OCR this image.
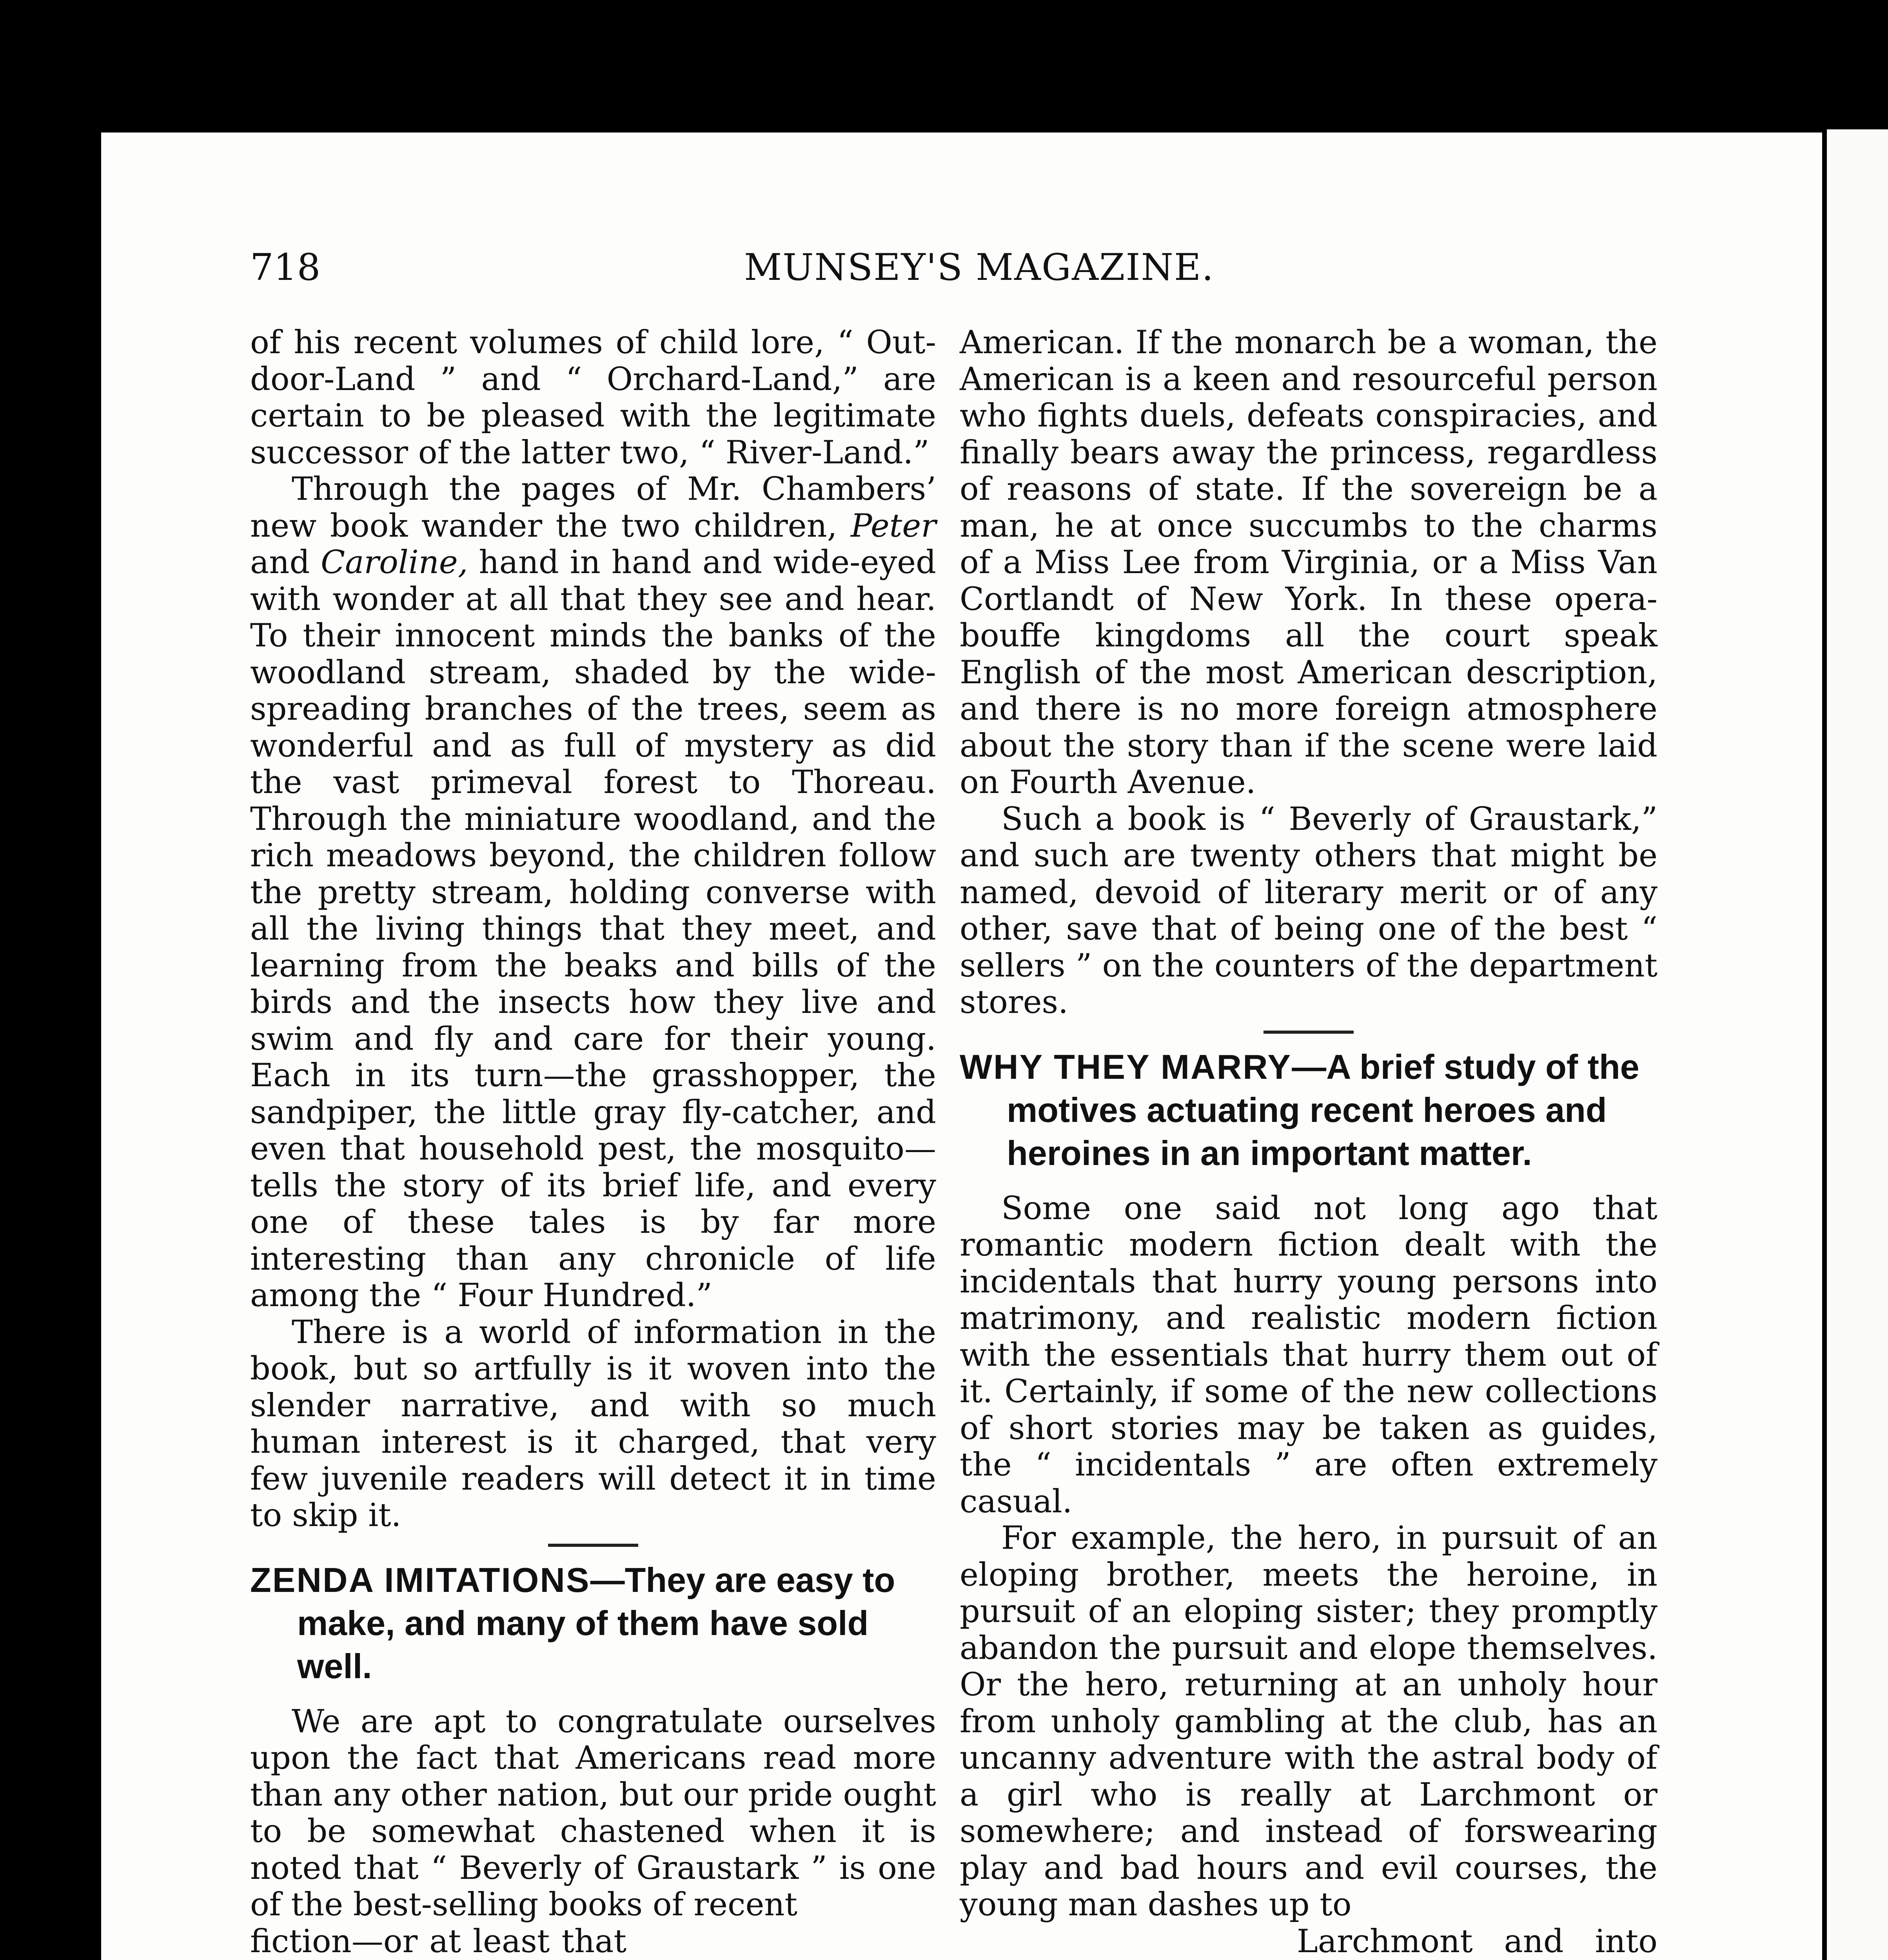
718	MUNSEY'S MAGAZINE.

of his recent volumes of child lore, “ Out-door-Land ” and “ Orchard-Land,” are certain to be pleased with the legitimate successor of the latter two, “ River-Land.”

Through the pages of Mr. Chambers’ new book wander the two children, Peter and Caroline, hand in hand and wide-eyed with wonder at all that they see and hear. To their innocent minds the banks of the woodland stream, shaded by the wide-spreading branches of the trees, seem as wonderful and as full of mystery as did the vast primeval forest to Thoreau. Through the miniature woodland, and the rich meadows beyond, the children follow the pretty stream, holding converse with all the living things that they meet, and learning from the beaks and bills of the birds and the insects how they live and swim and fly and care for their young. Each in its turn—the grasshopper, the sandpiper, the little gray fly-catcher, and even that household pest, the mosquito—tells the story of its brief life, and every one of these tales is by far more interesting than any chronicle of life among the “ Four Hundred.”

There is a world of information in the book, but so artfully is it woven into the slender narrative, and with so much human interest is it charged, that very few juvenile readers will detect it in time to skip it.

ZENDA IMITATIONS—They are easy to make, and many of them have sold well.

We are apt to congratulate ourselves upon the fact that Americans read more than any other nation, but our pride ought to be somewhat chastened when it is noted that “ Beverly of Graustark ” is one of the best-selling books of recent

fiction—or at least that

American. If the monarch be a woman, the American is a keen and resourceful person who fights duels, defeats conspiracies, and finally bears away the princess, regardless of reasons of state. If the sovereign be a man, he at once succumbs to the charms of a Miss Lee from Virginia, or a Miss Van Cortlandt of New York. In these opera-bouffe kingdoms all the court speak English of the most American description, and there is no more foreign atmosphere about the story than if the scene were laid on Fourth Avenue.

Such a book is “ Beverly of Graustark,” and such are twenty others that might be named, devoid of literary merit or of any other, save that of being one of the best “ sellers ” on the counters of the department stores.

WHY THEY MARRY—A brief study of the motives actuating recent heroes and heroines in an important matter.

Some one said not long ago that romantic modern fiction dealt with the incidentals that hurry young persons into matrimony, and realistic modern fiction with the essentials that hurry them out of it. Certainly, if some of the new collections of short stories may be taken as guides, the “ incidentals ” are often extremely casual.

For example, the hero, in pursuit of an eloping brother, meets the heroine, in pursuit of an eloping sister; they promptly abandon the pursuit and elope themselves. Or the hero, returning at an unholy hour from unholy gambling at the club, has an uncanny adventure with the astral body of a girl who is really at Larchmont or somewhere; and instead of forswearing play and bad hours and evil courses, the young man dashes up to

Larchmont and into
